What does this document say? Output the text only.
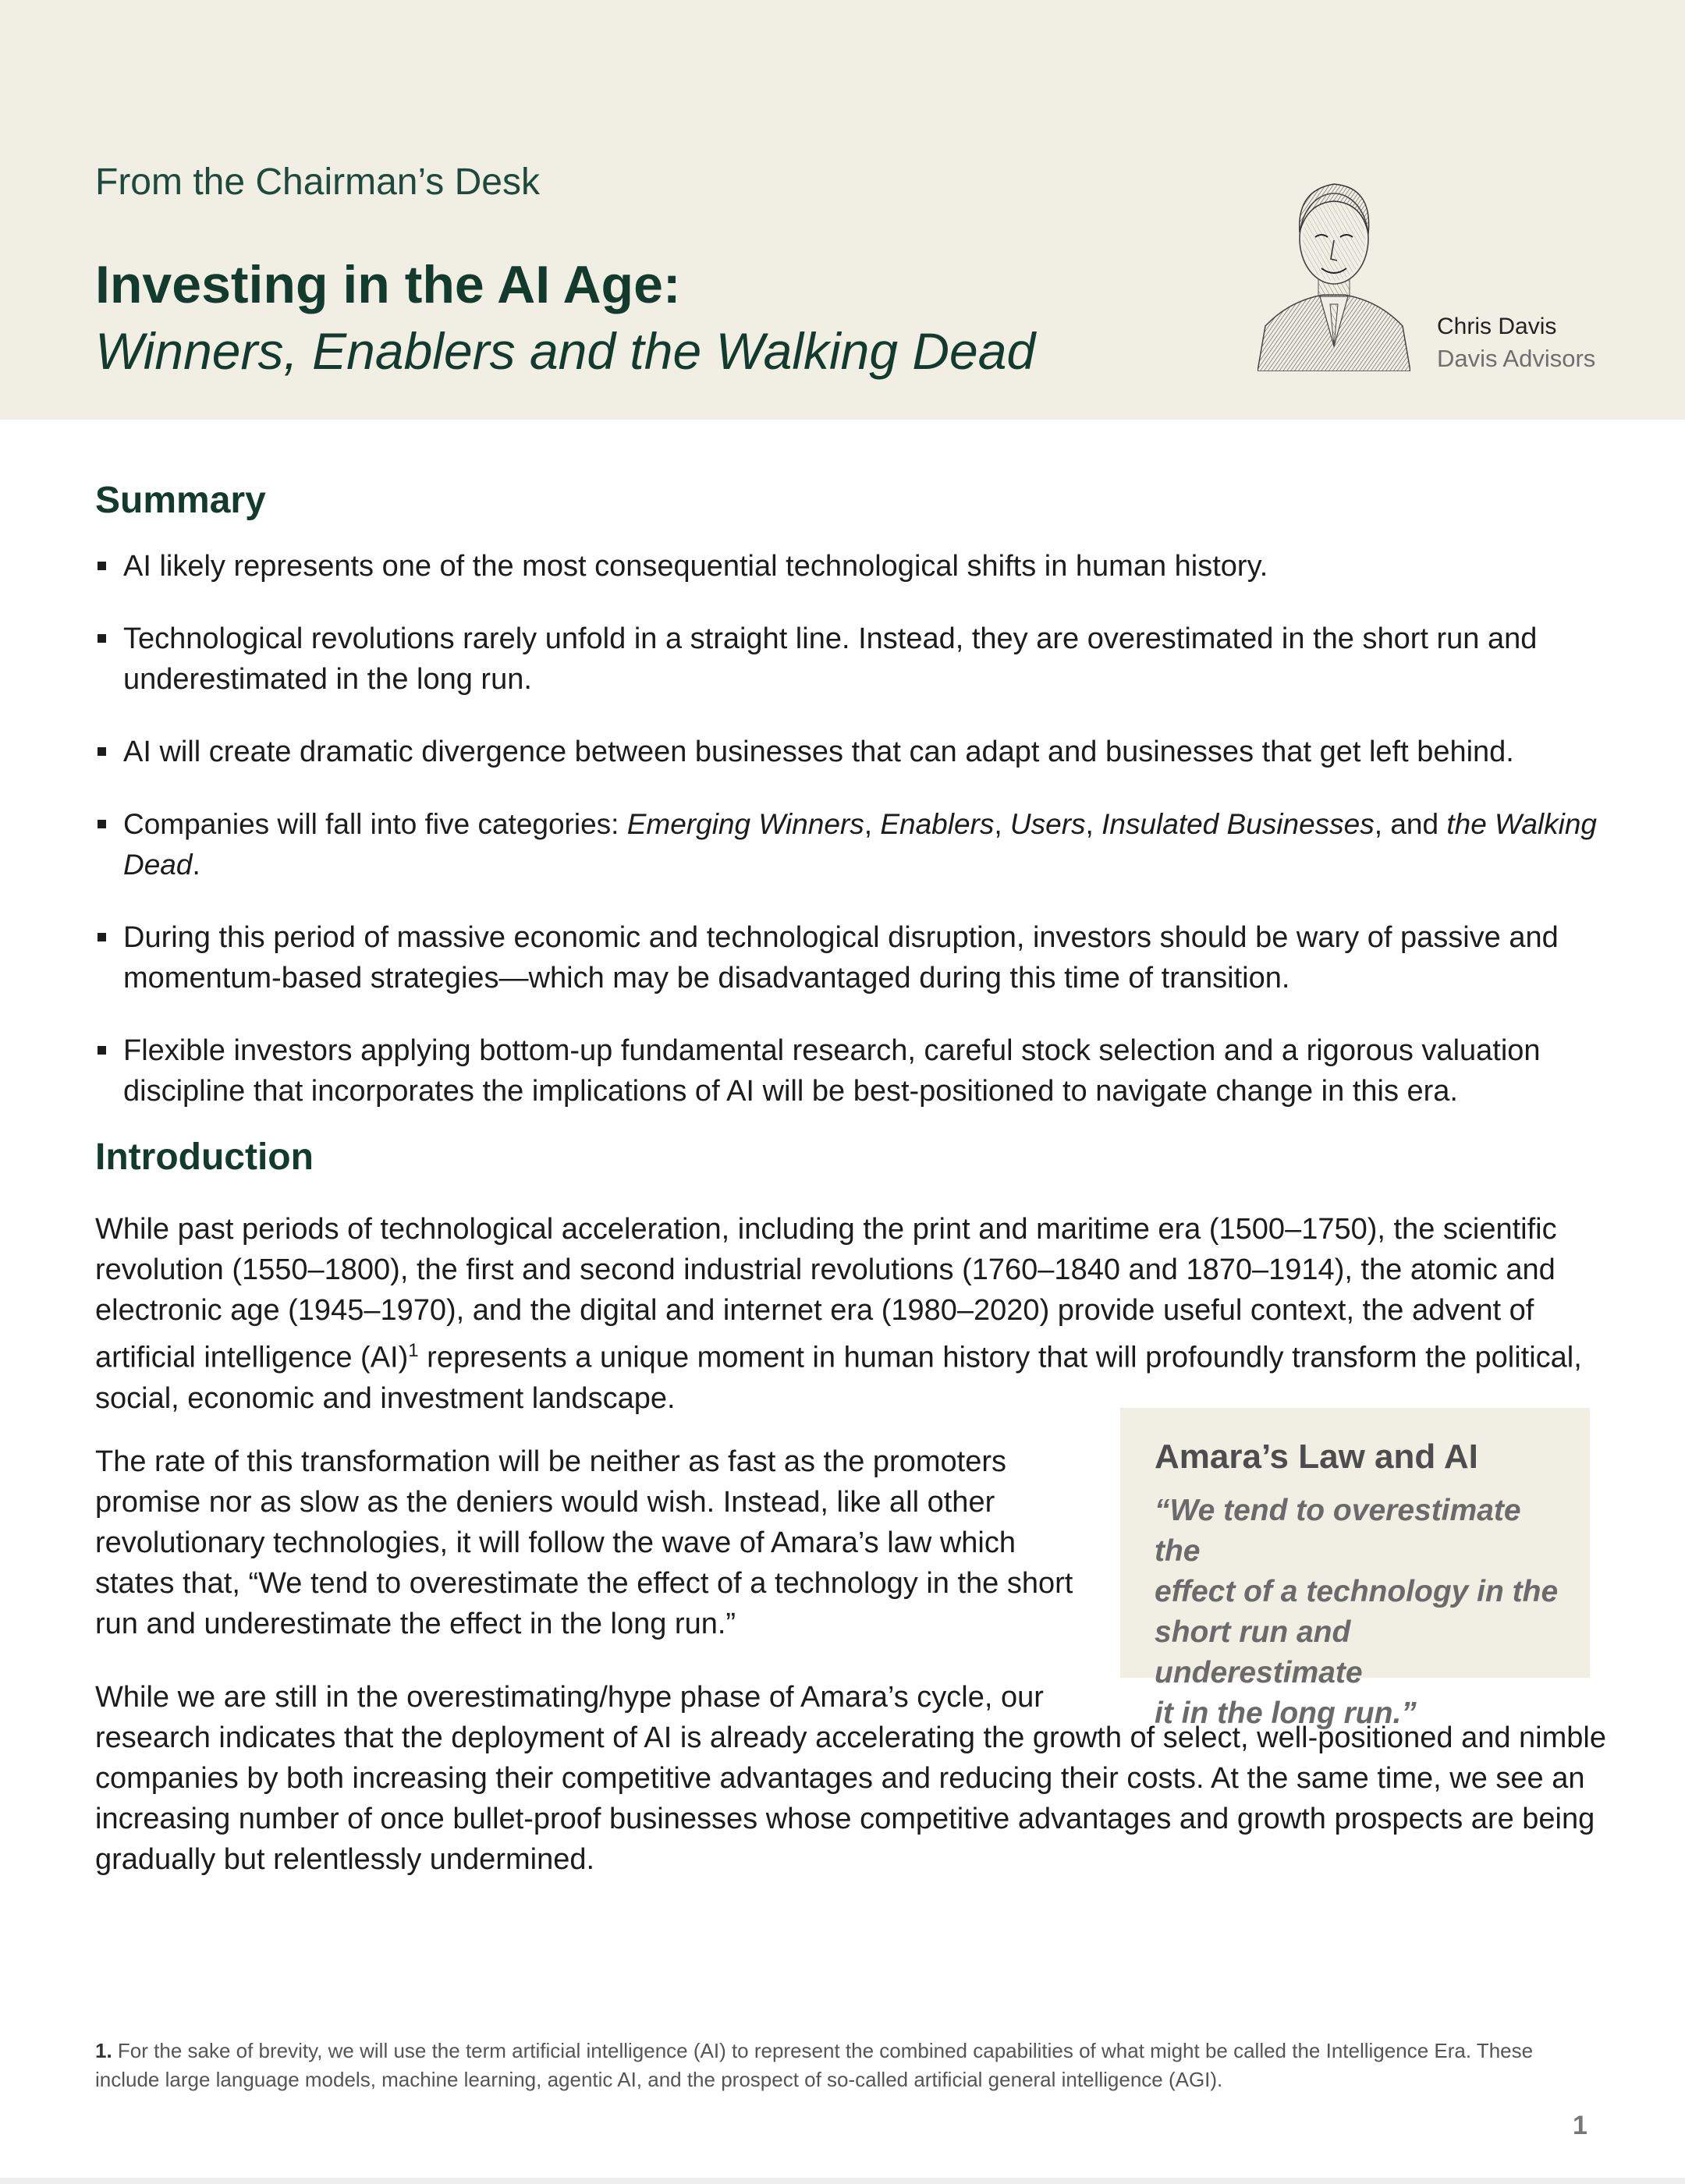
From the Chairman’s Desk
Investing in the AI Age:
Winners, Enablers and the Walking Dead	Chris Davis
Davis Advisors
Summary
AI likely represents one of the most consequential technological shifts in human history.
Technological revolutions rarely unfold in a straight line. Instead, they are overestimated in the short run and
underestimated in the long run.
AI will create dramatic divergence between businesses that can adapt and businesses that get left behind.
Companies will fall into five categories: Emerging Winners, Enablers, Users, Insulated Businesses, and the Walking Dead.
During this period of massive economic and technological disruption, investors should be wary of passive and
momentum-based strategies—which may be disadvantaged during this time of transition.
Flexible investors applying bottom-up fundamental research, careful stock selection and a rigorous valuation
discipline that incorporates the implications of AI will be best-positioned to navigate change in this era.
Introduction
While past periods of technological acceleration, including the print and maritime era (1500–1750), the scientific
revolution (1550–1800), the first and second industrial revolutions (1760–1840 and 1870–1914), the atomic and
electronic age (1945–1970), and the digital and internet era (1980–2020) provide useful context, the advent of
artificial intelligence (AI)$^1$ represents a unique moment in human history that will profoundly transform the political,
social, economic and investment landscape.
The rate of this transformation will be neither as fast as the promoters
promise nor as slow as the deniers would wish. Instead, like all other
revolutionary technologies, it will follow the wave of Amara’s law which
states that, “We tend to overestimate the effect of a technology in the short
run and underestimate the effect in the long run.”
Amara’s Law and AI
“We tend to overestimate the
effect of a technology in the
short run and underestimate
it in the long run.”
While we are still in the overestimating/hype phase of Amara’s cycle, our
research indicates that the deployment of AI is already accelerating the growth of select, well-positioned and nimble
companies by both increasing their competitive advantages and reducing their costs. At the same time, we see an
increasing number of once bullet-proof businesses whose competitive advantages and growth prospects are being
gradually but relentlessly undermined.
1. For the sake of brevity, we will use the term artificial intelligence (AI) to represent the combined capabilities of what might be called the Intelligence Era. These
include large language models, machine learning, agentic AI, and the prospect of so-called artificial general intelligence (AGI).
1
